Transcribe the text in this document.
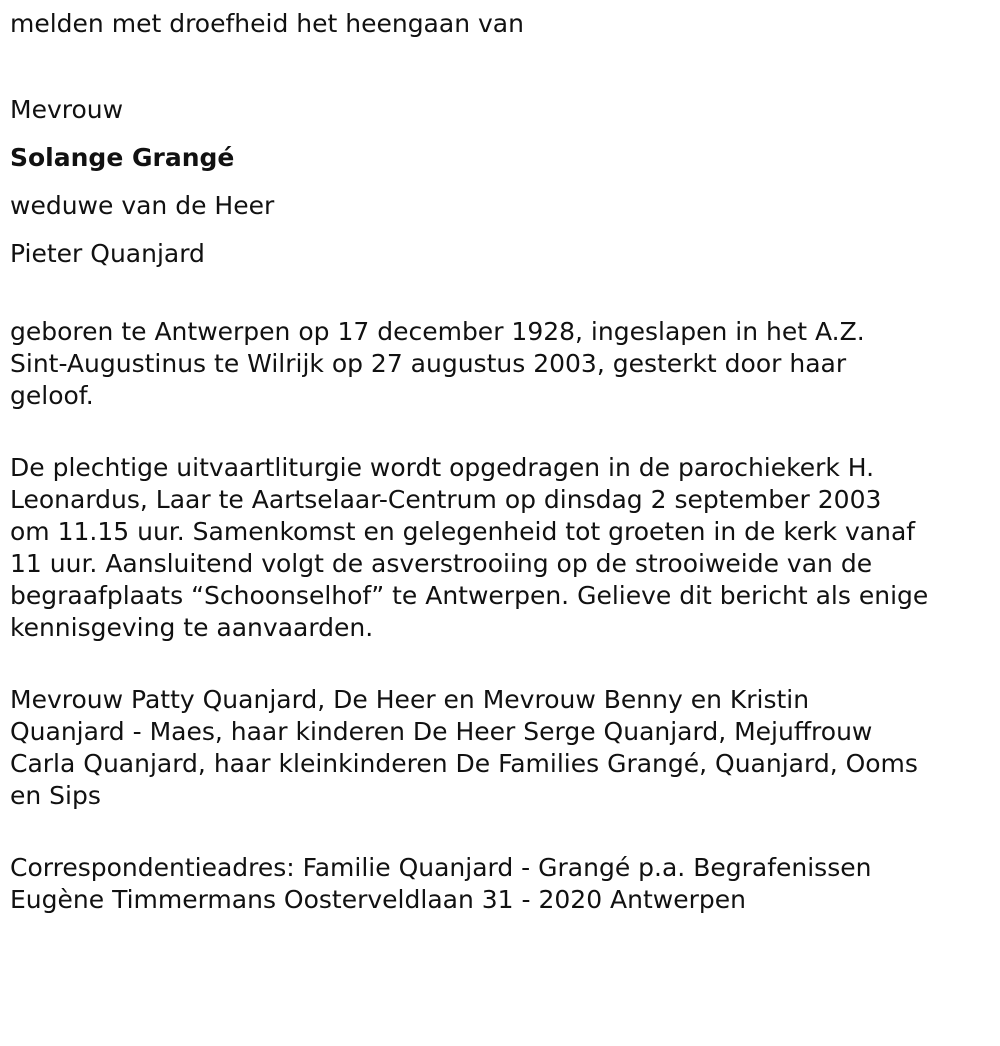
melden met droefheid het heengaan van
Mevrouw
Solange Grangé
weduwe van de Heer
Pieter Quanjard
geboren te Antwerpen op 17 december 1928, ingeslapen in het A.Z.
Sint-Augustinus te Wilrijk op 27 augustus 2003, gesterkt door haar
geloof.
De plechtige uitvaartliturgie wordt opgedragen in de parochiekerk H.
Leonardus, Laar te Aartselaar-Centrum op dinsdag 2 september 2003
om 11.15 uur. Samenkomst en gelegenheid tot groeten in de kerk vanaf
11 uur. Aansluitend volgt de asverstrooiing op de strooiweide van de
begraafplaats “Schoonselhof” te Antwerpen. Gelieve dit bericht als enige
kennisgeving te aanvaarden.
Mevrouw Patty Quanjard, De Heer en Mevrouw Benny en Kristin
Quanjard - Maes, haar kinderen De Heer Serge Quanjard, Mejuffrouw
Carla Quanjard, haar kleinkinderen De Families Grangé, Quanjard, Ooms
en Sips
Correspondentieadres: Familie Quanjard - Grangé p.a. Begrafenissen
Eugène Timmermans Oosterveldlaan 31 - 2020 Antwerpen
